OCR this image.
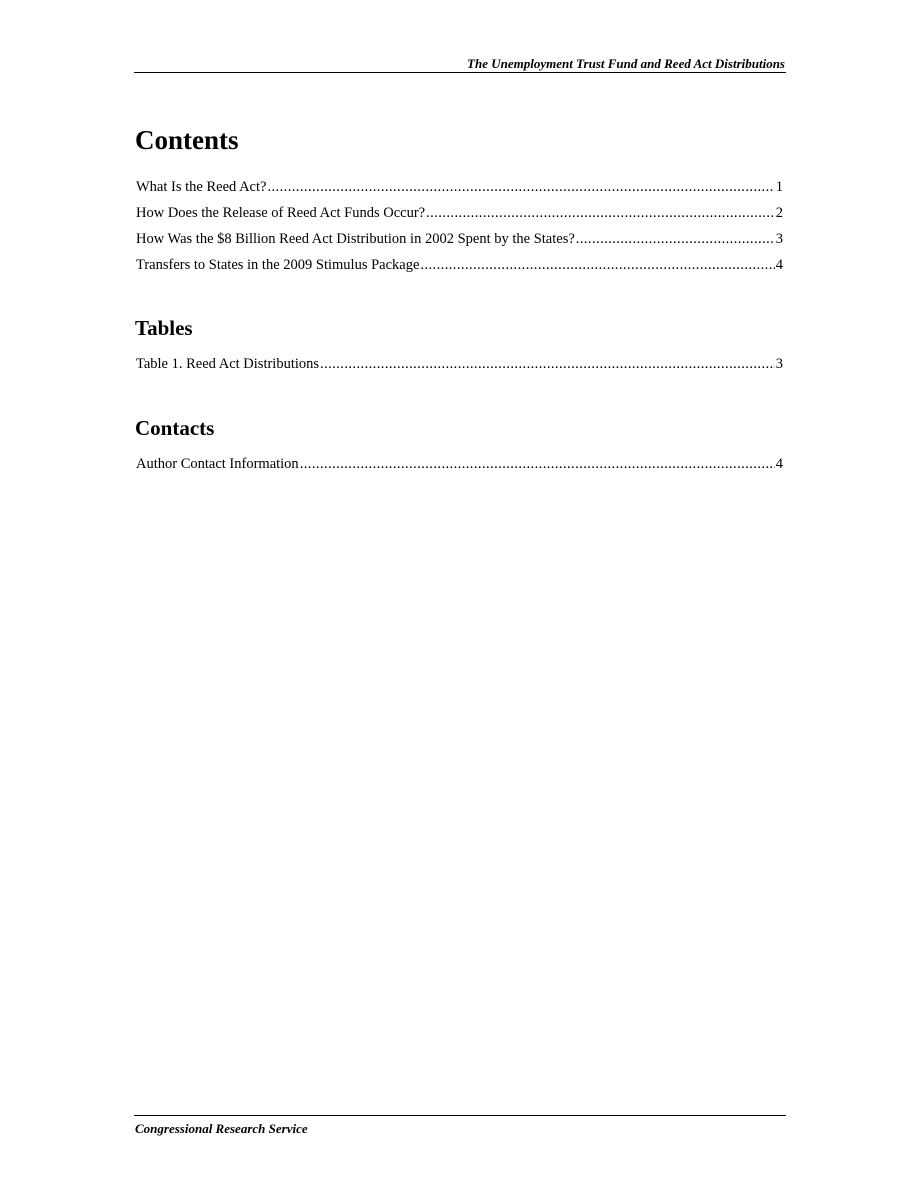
The Unemployment Trust Fund and Reed Act Distributions
Contents
What Is the Reed Act? . . .	1
How Does the Release of Reed Act Funds Occur? . . .	2
How Was the $8 Billion Reed Act Distribution in 2002 Spent by the States? . . .	3
Transfers to States in the 2009 Stimulus Package . . .	4
Tables
Table 1. Reed Act Distributions . . .	3
Contacts
Author Contact Information . . .	4
Congressional Research Service
